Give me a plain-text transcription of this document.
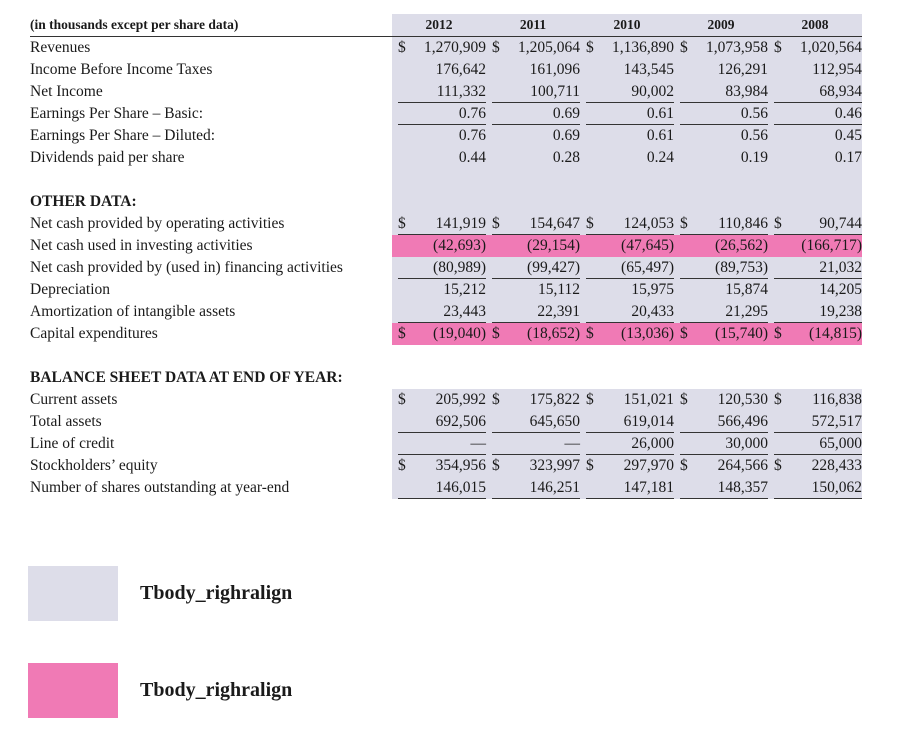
(in thousands except per share data)	2012	2011	2010	2009	2008
Revenues	$ 1,270,909	$ 1,205,064	$ 1,136,890	$ 1,073,958	$ 1,020,564

Income Before Income Taxes	176,642	161,096	143,545	126,291	112,954

Net Income	111,332	100,711	90,002	83,984	68,934

Earnings Per Share – Basic:	0.76	0.69	0.61	0.56	0.46

Earnings Per Share – Diluted:	0.76	0.69	0.61	0.56	0.45

Dividends paid per share	0.44	0.28	0.24	0.19	0.17

OTHER DATA:					
Net cash provided by operating activities	$ 141,919	$ 154,647	$ 124,053	$ 110,846	$ 90,744

Net cash used in investing activities	(42,693)	(29,154)	(47,645)	(26,562)	(166,717)

Net cash provided by (used in) financing activities	(80,989)	(99,427)	(65,497)	(89,753)	21,032

Depreciation	15,212	15,112	15,975	15,874	14,205

Amortization of intangible assets	23,443	22,391	20,433	21,295	19,238

Capital expenditures	$ (19,040)	$ (18,652)	$ (13,036)	$ (15,740)	$ (14,815)

BALANCE SHEET DATA AT END OF YEAR:					
Current assets	$ 205,992	$ 175,822	$ 151,021	$ 120,530	$ 116,838

Total assets	692,506	645,650	619,014	566,496	572,517

Line of credit	—	—	26,000	30,000	65,000

Stockholders’ equity	$ 354,956	$ 323,997	$ 297,970	$ 264,566	$ 228,433

Number of shares outstanding at year-end	146,015	146,251	147,181	148,357	150,062
Tbody_righralign
Tbody_righralign
